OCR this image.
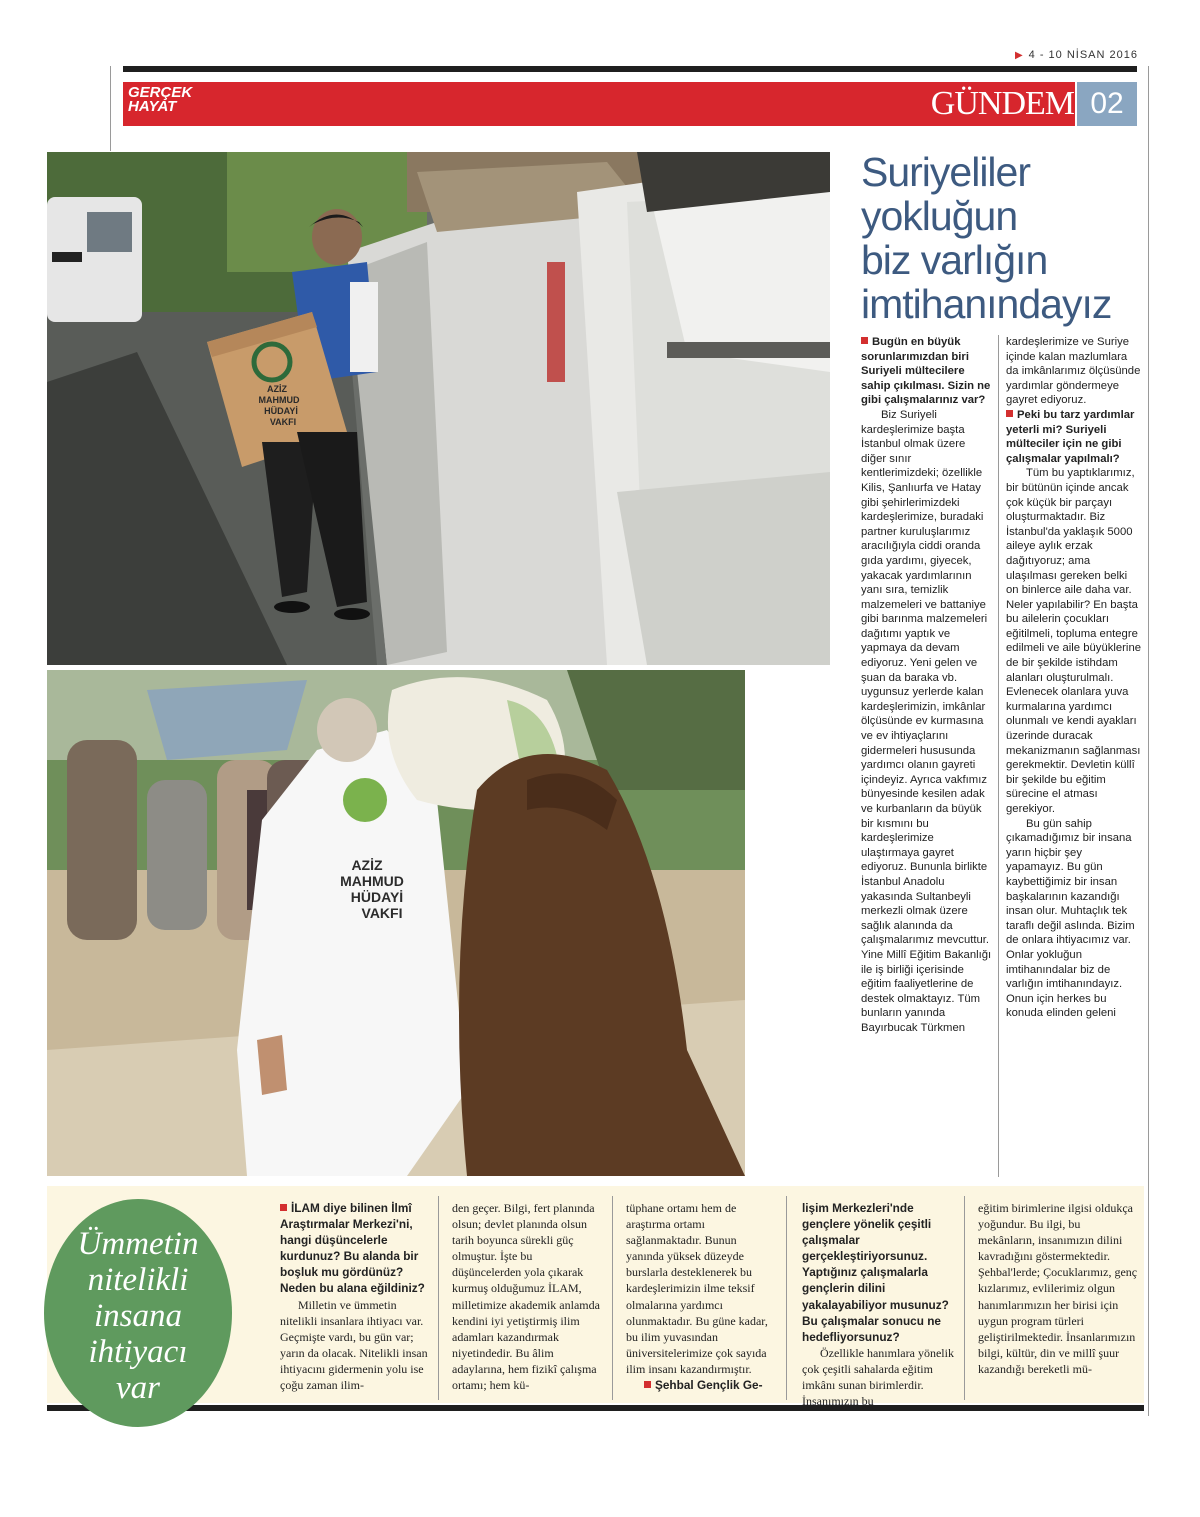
▶ 4 - 10 NİSAN 2016
GERÇEK
HAYAT	GÜNDEM 02
AZİZ
MAHMUD
HÜDAYİ
VAKFI
AZİZ
MAHMUD
HÜDAYİ
VAKFI
Suriyeliler
yokluğun
biz varlığın
imtihanındayız

Bugün en büyük sorunlarımızdan biri Suriyeli mültecilere sahip çıkılması. Sizin ne gibi çalışmalarınız var?

Biz Suriyeli kardeşlerimize başta İstanbul olmak üzere diğer sınır kentlerimizdeki; özellikle Kilis, Şanlıurfa ve Hatay gibi şehirlerimizdeki kardeşlerimize, buradaki partner kuruluşlarımız aracılığıyla ciddi oranda gıda yardımı, giyecek, yakacak yardımlarının yanı sıra, temizlik malzemeleri ve battaniye gibi barınma malzemeleri dağıtımı yaptık ve yapmaya da devam ediyoruz. Yeni gelen ve şuan da baraka vb. uygunsuz yerlerde kalan kardeşlerimizin, imkânlar ölçüsünde ev kurmasına ve ev ihtiyaçlarını gidermeleri hususunda yardımcı olanın gayreti içindeyiz. Ayrıca vakfımız bünyesinde kesilen adak ve kurbanların da büyük bir kısmını bu kardeşlerimize ulaştırmaya gayret ediyoruz. Bununla birlikte İstanbul Anadolu yakasında Sultanbeyli merkezli olmak üzere sağlık alanında da çalışmalarımız mevcuttur. Yine Millî Eğitim Bakanlığı ile iş birliği içerisinde eğitim faaliyetlerine de destek olmaktayız. Tüm bunların yanında Bayırbucak Türkmen

kardeşlerimize ve Suriye içinde kalan mazlumlara da imkânlarımız ölçüsünde yardımlar göndermeye gayret ediyoruz.

Peki bu tarz yardımlar yeterli mi? Suriyeli mülteciler için ne gibi çalışmalar yapılmalı?

Tüm bu yaptıklarımız, bir bütünün içinde ancak çok küçük bir parçayı oluşturmaktadır. Biz İstanbul'da yaklaşık 5000 aileye aylık erzak dağıtıyoruz; ama ulaşılması gereken belki on binlerce aile daha var. Neler yapılabilir? En başta bu ailelerin çocukları eğitilmeli, topluma entegre edilmeli ve aile büyüklerine de bir şekilde istihdam alanları oluşturulmalı. Evlenecek olanlara yuva kurmalarına yardımcı olunmalı ve kendi ayakları üzerinde duracak mekanizmanın sağlanması gerekmektir. Devletin küllî bir şekilde bu eğitim sürecine el atması gerekiyor.

Bu gün sahip çıkamadığımız bir insana yarın hiçbir şey yapamayız. Bu gün kaybettiğimiz bir insan başkalarının kazandığı insan olur. Muhtaçlık tek taraflı değil aslında. Bizim de onlara ihtiyacımız var. Onlar yokluğun imtihanındalar biz de varlığın imtihanındayız. Onun için herkes bu konuda elinden geleni

Ümmetin
nitelikli
insana
ihtiyacı
var

İLAM diye bilinen İlmî Araştırmalar Merkezi'ni, hangi düşüncelerle kurdunuz? Bu alanda bir boşluk mu gördünüz? Neden bu alana eğildiniz?

Milletin ve ümmetin nitelikli insanlara ihtiyacı var. Geçmişte vardı, bu gün var; yarın da olacak. Nitelikli insan ihtiyacını gidermenin yolu ise çoğu zaman ilim-

den geçer. Bilgi, fert planında olsun; devlet planında olsun tarih boyunca sürekli güç olmuştur. İşte bu düşüncelerden yola çıkarak kurmuş olduğumuz İLAM, milletimize akademik anlamda kendini iyi yetiştirmiş ilim adamları kazandırmak niyetindedir. Bu âlim adaylarına, hem fizikî çalışma ortamı; hem kü-

tüphane ortamı hem de araştırma ortamı sağlanmaktadır. Bunun yanında yüksek düzeyde burslarla desteklenerek bu kardeşlerimizin ilme teksif olmalarına yardımcı olunmaktadır. Bu güne kadar, bu ilim yuvasından üniversitelerimize çok sayıda ilim insanı kazandırmıştır.

Şehbal Gençlik Ge-

lişim Merkezleri'nde gençlere yönelik çeşitli çalışmalar gerçekleştiriyorsunuz. Yaptığınız çalışmalarla gençlerin dilini yakalayabiliyor musunuz? Bu çalışmalar sonucu ne hedefliyorsunuz?

Özellikle hanımlara yönelik çok çeşitli sahalarda eğitim imkânı sunan birimlerdir. İnsanımızın bu

eğitim birimlerine ilgisi oldukça yoğundur. Bu ilgi, bu mekânların, insanımızın dilini kavradığını göstermektedir. Şehbal'lerde; Çocuklarımız, genç kızlarımız, evlilerimiz olgun hanımlarımızın her birisi için uygun program türleri geliştirilmektedir. İnsanlarımızın bilgi, kültür, din ve millî şuur kazandığı bereketli mü-
